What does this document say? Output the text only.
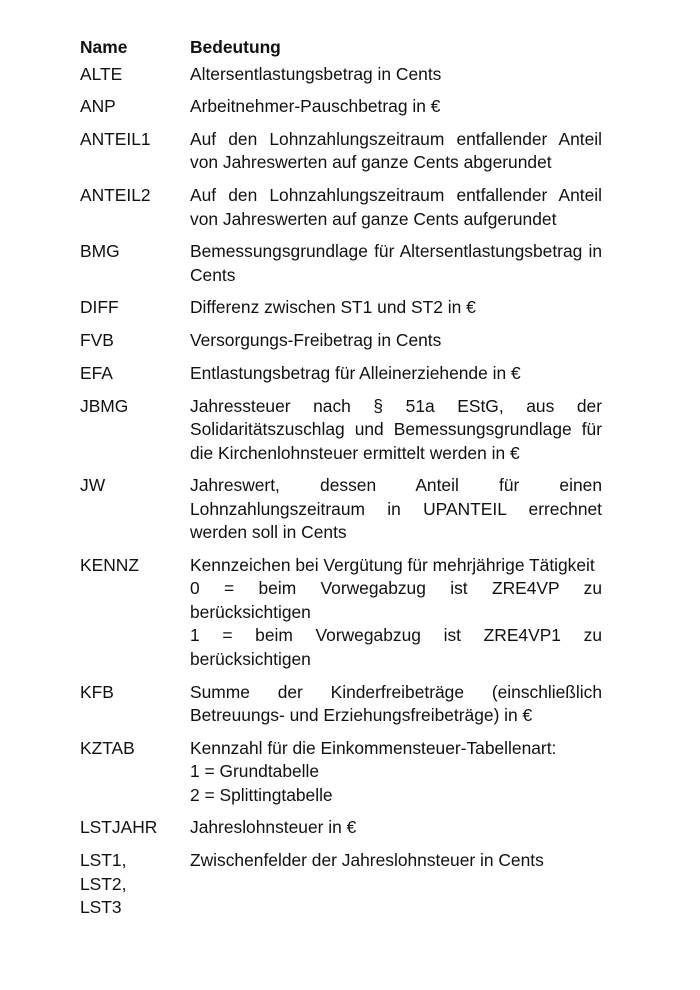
Name	Bedeutung

ALTE	Altersentlastungsbetrag in Cents

ANP	Arbeitnehmer-Pauschbetrag in €

ANTEIL1	Auf den Lohnzahlungszeitraum entfallender Anteil von Jahreswerten auf ganze Cents abgerundet

ANTEIL2	Auf den Lohnzahlungszeitraum entfallender Anteil von Jahreswerten auf ganze Cents aufgerundet

BMG	Bemessungsgrundlage für Altersentlastungsbetrag in Cents

DIFF	Differenz zwischen ST1 und ST2 in €

FVB	Versorgungs-Freibetrag in Cents

EFA	Entlastungsbetrag für Alleinerziehende in €

JBMG	Jahressteuer nach § 51a EStG, aus der Solidaritätszuschlag und Bemessungsgrundlage für die Kirchenlohnsteuer ermittelt werden in €

JW	Jahreswert, dessen Anteil für einen Lohnzahlungszeitraum in UPANTEIL errechnet werden soll in Cents

KENNZ	Kennzeichen bei Vergütung für mehrjährige Tätigkeit
0 = beim Vorwegabzug ist ZRE4VP zu berücksichtigen
1 = beim Vorwegabzug ist ZRE4VP1 zu berücksichtigen

KFB	Summe der Kinderfreibeträge (einschließlich Betreuungs- und Erziehungsfreibeträge) in €

KZTAB	Kennzahl für die Einkommensteuer-Tabellenart:
1 = Grundtabelle
2 = Splittingtabelle

LSTJAHR	Jahreslohnsteuer in €

LST1,
LST2,
LST3	Zwischenfelder der Jahreslohnsteuer in Cents
